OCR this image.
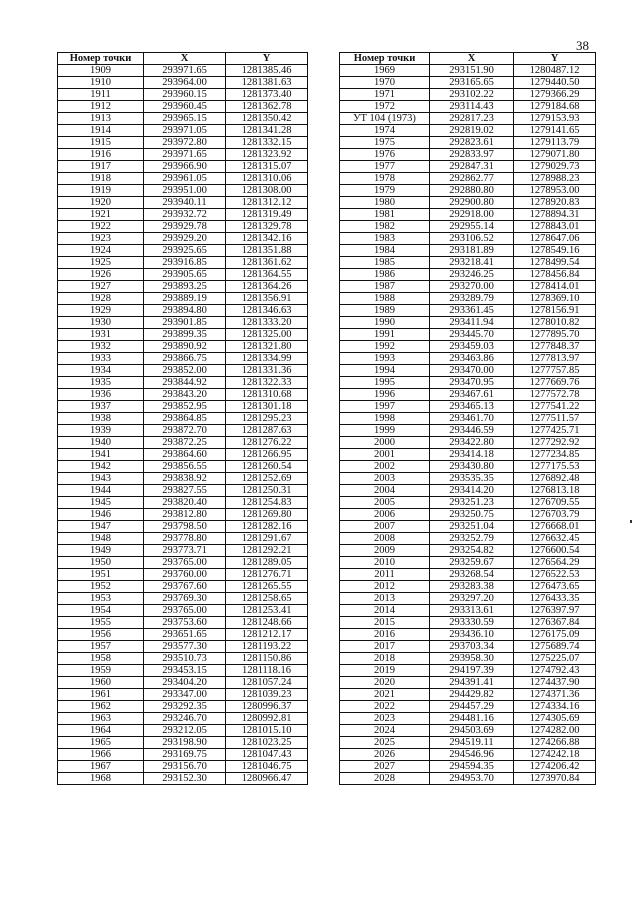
38
Номер точки	X	Y
1909	293971.65	1281385.46
1910	293964.00	1281381.63
1911	293960.15	1281373.40
1912	293960.45	1281362.78
1913	293965.15	1281350.42
1914	293971.05	1281341.28
1915	293972.80	1281332.15
1916	293971.65	1281323.92
1917	293966.90	1281315.07
1918	293961.05	1281310.06
1919	293951.00	1281308.00
1920	293940.11	1281312.12
1921	293932.72	1281319.49
1922	293929.78	1281329.78
1923	293929.20	1281342.16
1924	293925.65	1281351.88
1925	293916.85	1281361.62
1926	293905.65	1281364.55
1927	293893.25	1281364.26
1928	293889.19	1281356.91
1929	293894.80	1281346.63
1930	293901.85	1281333.20
1931	293899.35	1281325.00
1932	293890.92	1281321.80
1933	293866.75	1281334.99
1934	293852.00	1281331.36
1935	293844.92	1281322.33
1936	293843.20	1281310.68
1937	293852.95	1281301.18
1938	293864.85	1281295.23
1939	293872.70	1281287.63
1940	293872.25	1281276.22
1941	293864.60	1281266.95
1942	293856.55	1281260.54
1943	293838.92	1281252.69
1944	293827.55	1281250.31
1945	293820.40	1281254.83
1946	293812.80	1281269.80
1947	293798.50	1281282.16
1948	293778.80	1281291.67
1949	293773.71	1281292.21
1950	293765.00	1281289.05
1951	293760.00	1281276.71
1952	293767.60	1281265.55
1953	293769.30	1281258.65
1954	293765.00	1281253.41
1955	293753.60	1281248.66
1956	293651.65	1281212.17
1957	293577.30	1281193.22
1958	293510.73	1281150.86
1959	293453.15	1281118.16
1960	293404.20	1281057.24
1961	293347.00	1281039.23
1962	293292.35	1280996.37
1963	293246.70	1280992.81
1964	293212.05	1281015.10
1965	293198.90	1281023.25
1966	293169.75	1281047.43
1967	293156.70	1281046.75
1968	293152.30	1280966.47
Номер точки	X	Y
1969	293151.90	1280487.12
1970	293165.65	1279440.50
1971	293102.22	1279366.29
1972	293114.43	1279184.68
УТ 104 (1973)	292817.23	1279153.93
1974	292819.02	1279141.65
1975	292823.61	1279113.79
1976	292833.97	1279071.80
1977	292847.31	1279029.73
1978	292862.77	1278988.23
1979	292880.80	1278953.00
1980	292900.80	1278920.83
1981	292918.00	1278894.31
1982	292955.14	1278843.01
1983	293106.52	1278647.06
1984	293181.89	1278549.16
1985	293218.41	1278499.54
1986	293246.25	1278456.84
1987	293270.00	1278414.01
1988	293289.79	1278369.10
1989	293361.45	1278156.91
1990	293411.94	1278010.82
1991	293445.70	1277895.70
1992	293459.03	1277848.37
1993	293463.86	1277813.97
1994	293470.00	1277757.85
1995	293470.95	1277669.76
1996	293467.61	1277572.78
1997	293465.13	1277541.22
1998	293461.70	1277511.57
1999	293446.59	1277425.71
2000	293422.80	1277292.92
2001	293414.18	1277234.85
2002	293430.80	1277175.53
2003	293535.35	1276892.48
2004	293414.20	1276813.18
2005	293251.23	1276709.55
2006	293250.75	1276703.79
2007	293251.04	1276668.01
2008	293252.79	1276632.45
2009	293254.82	1276600.54
2010	293259.67	1276564.29
2011	293268.54	1276522.53
2012	293283.38	1276473.65
2013	293297.20	1276433.35
2014	293313.61	1276397.97
2015	293330.59	1276367.84
2016	293436.10	1276175.09
2017	293703.34	1275689.74
2018	293958.30	1275225.07
2019	294197.39	1274792.43
2020	294391.41	1274437.90
2021	294429.82	1274371.36
2022	294457.29	1274334.16
2023	294481.16	1274305.69
2024	294503.69	1274282.00
2025	294519.11	1274266.88
2026	294546.96	1274242.18
2027	294594.35	1274206.42
2028	294953.70	1273970.84
